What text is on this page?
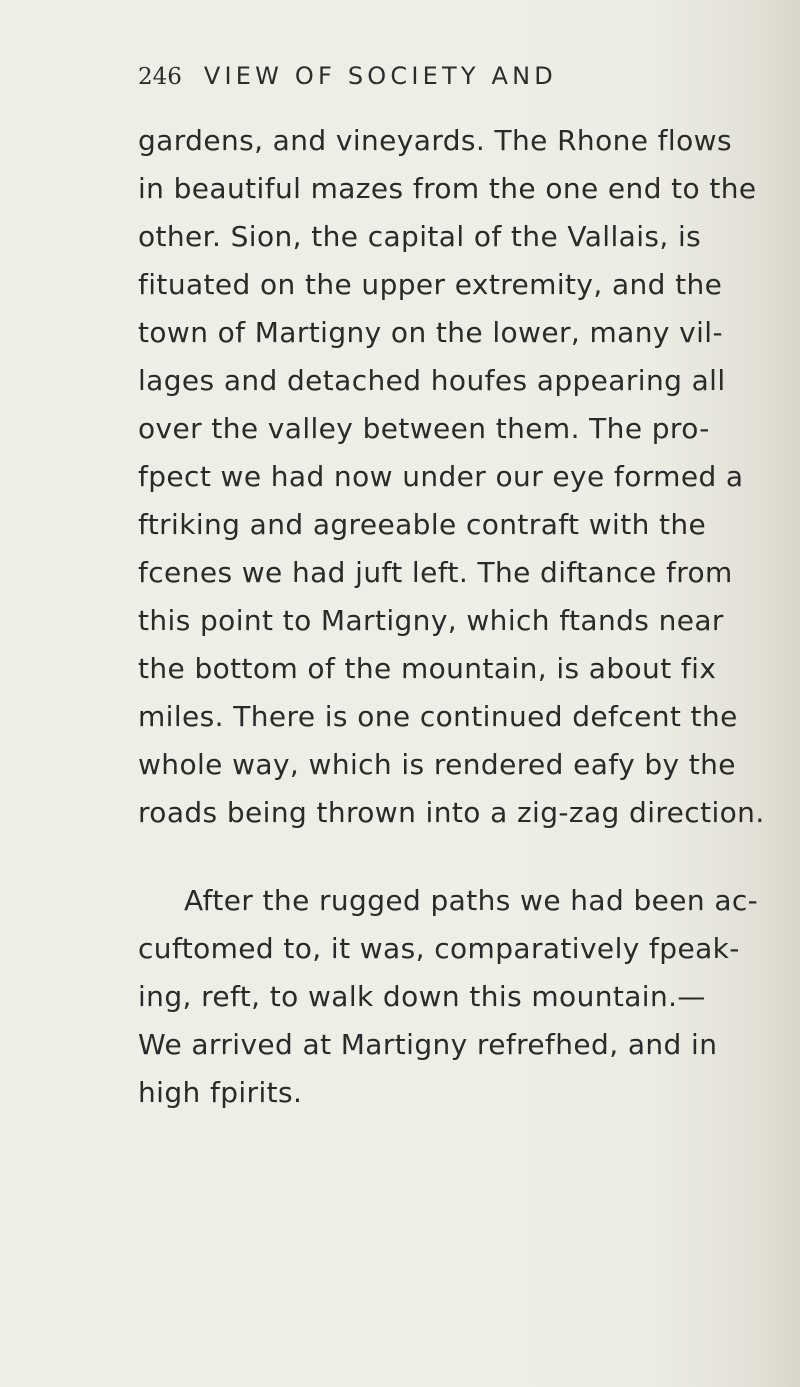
246 VIEW OF SOCIETY AND
gardens, and vineyards. The Rhone flows
in beautiful mazes from the one end to the
other. Sion, the capital of the Vallais, is
fituated on the upper extremity, and the
town of Martigny on the lower, many vil-
lages and detached houfes appearing all
over the valley between them. The pro-
fpect we had now under our eye formed a
ftriking and agreeable contraft with the
fcenes we had juft left. The diftance from
this point to Martigny, which ftands near
the bottom of the mountain, is about fix
miles. There is one continued defcent the
whole way, which is rendered eafy by the
roads being thrown into a zig-zag direction.
After the rugged paths we had been ac-
cuftomed to, it was, comparatively fpeak-
ing, reft, to walk down this mountain.—
We arrived at Martigny refrefhed, and in
high fpirits.
